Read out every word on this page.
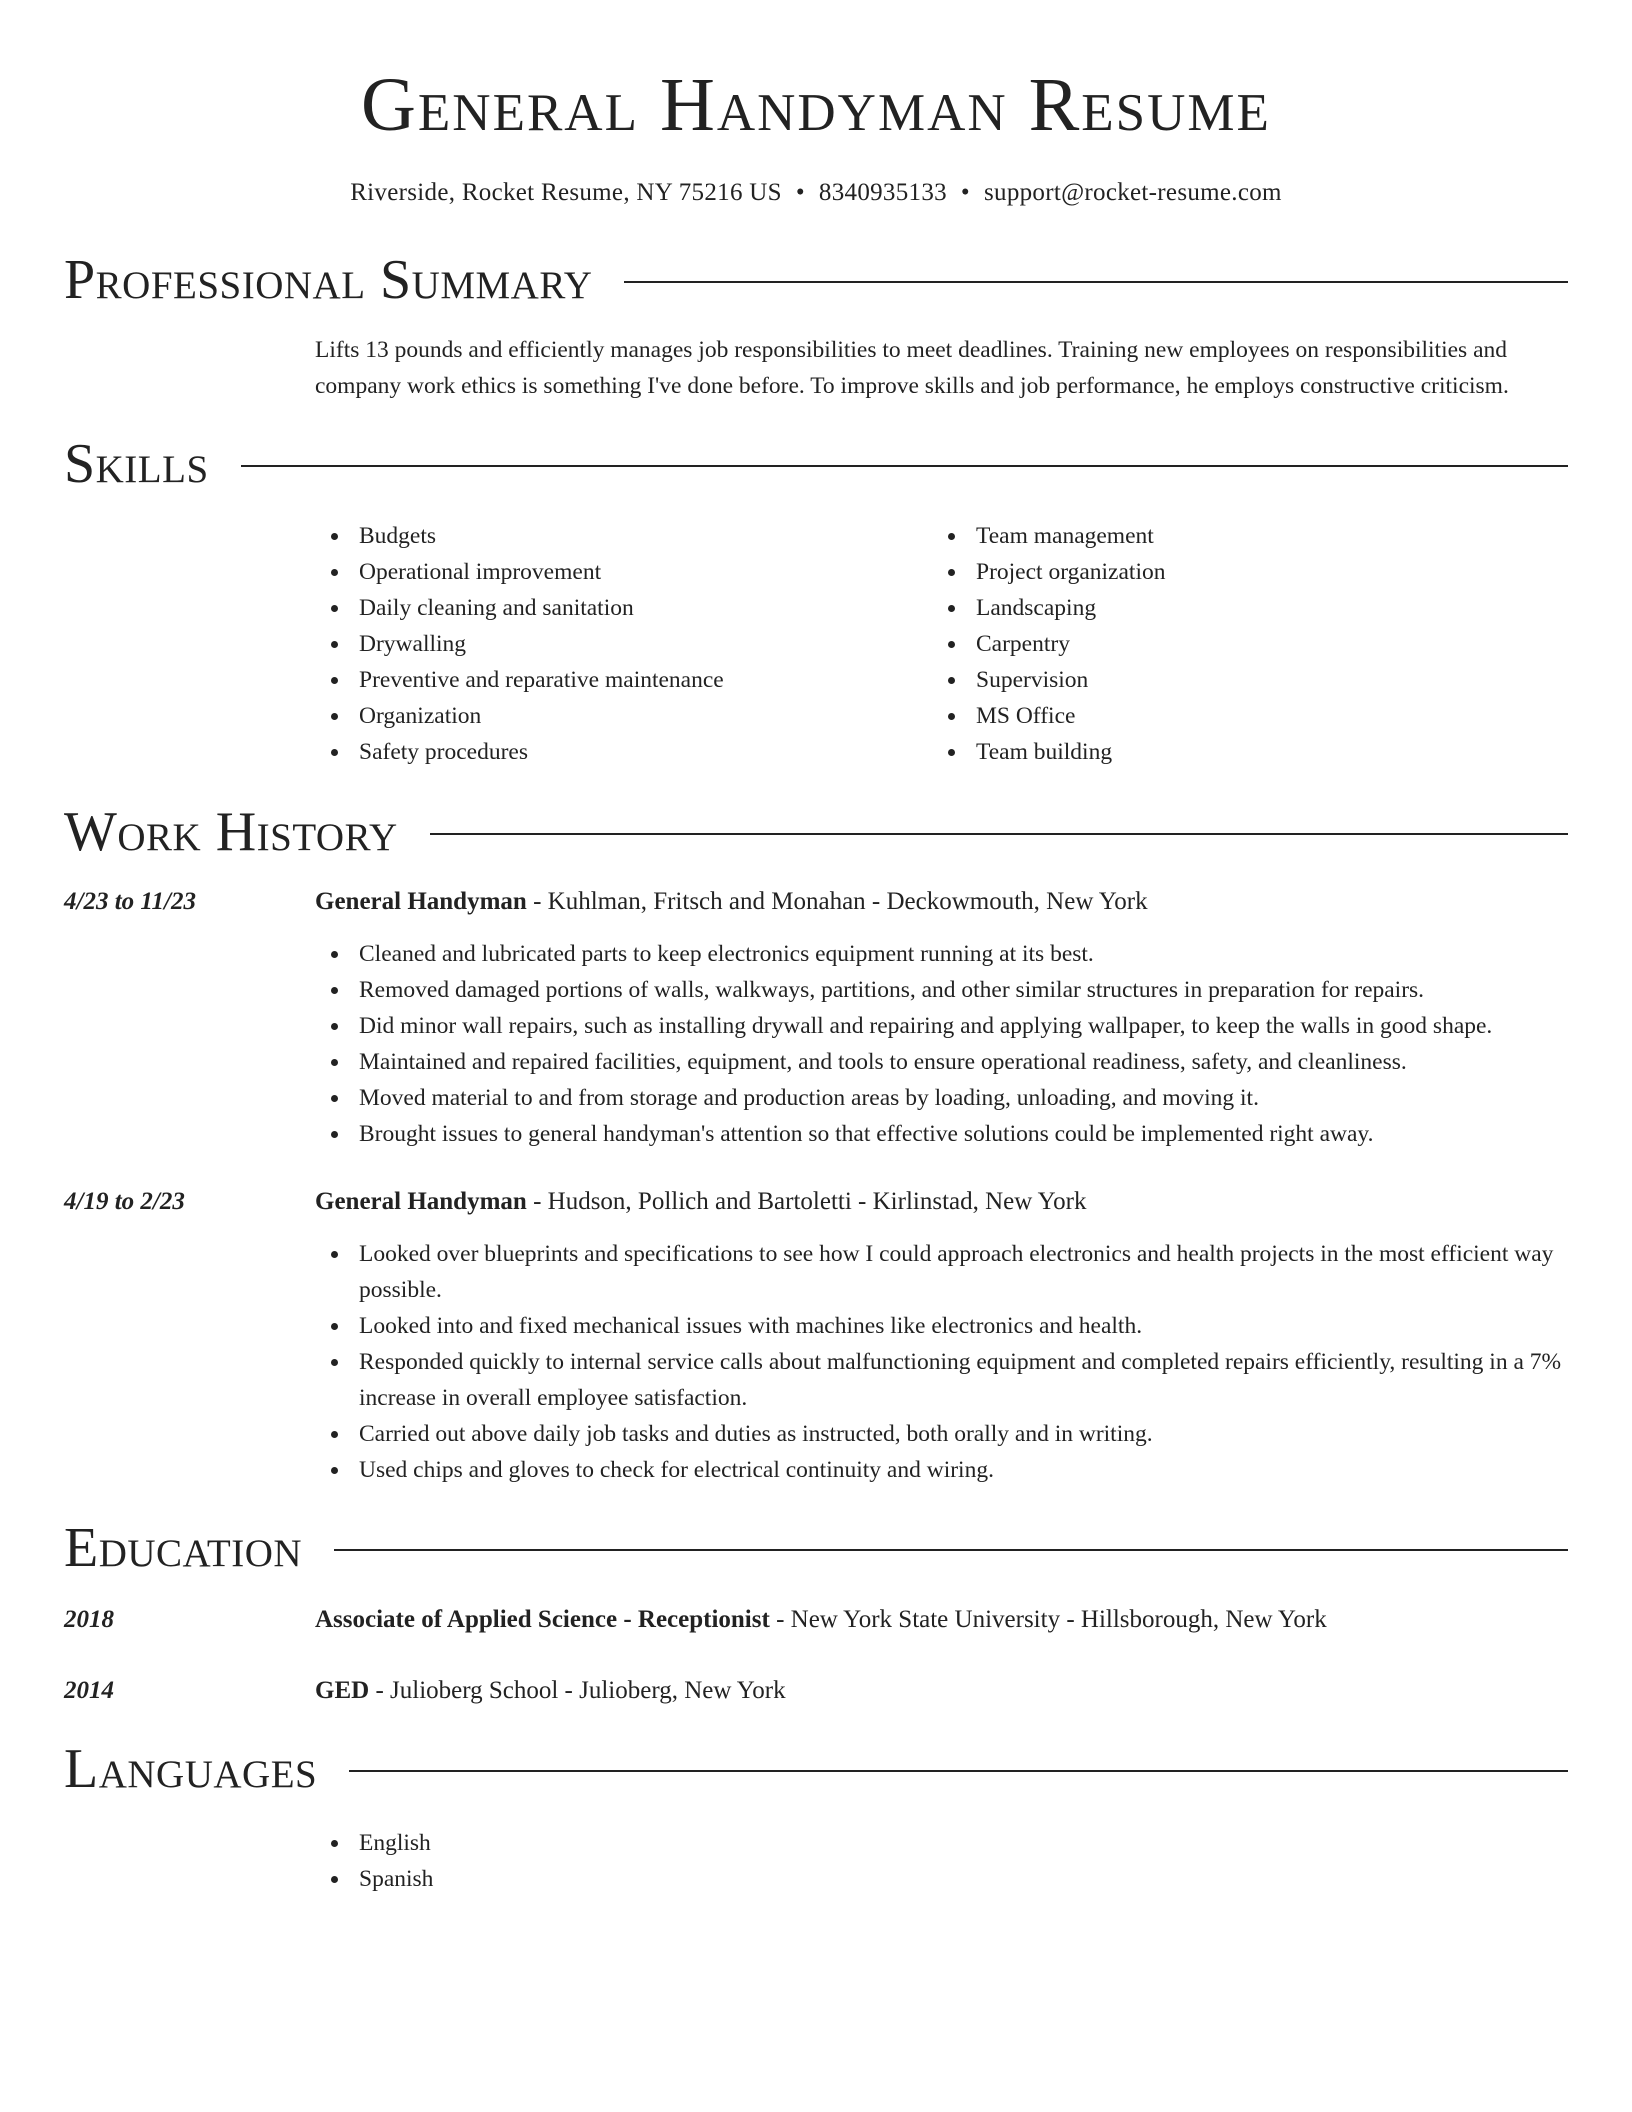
General Handyman Resume
Riverside, Rocket Resume, NY 75216 US • 8340935133 • support@rocket-resume.com
Professional Summary

Lifts 13 pounds and efficiently manages job responsibilities to meet deadlines. Training new employees on responsibilities and company work ethics is something I've done before. To improve skills and job performance, he employs constructive criticism.

Skills
Budgets
Operational improvement
Daily cleaning and sanitation
Drywalling
Preventive and reparative maintenance
Organization
Safety procedures
Team management
Project organization
Landscaping
Carpentry
Supervision
MS Office
Team building
Work History
4/23 to 11/23	General Handyman - Kuhlman, Fritsch and Monahan - Deckowmouth, New York
Cleaned and lubricated parts to keep electronics equipment running at its best.
Removed damaged portions of walls, walkways, partitions, and other similar structures in preparation for repairs.
Did minor wall repairs, such as installing drywall and repairing and applying wallpaper, to keep the walls in good shape.
Maintained and repaired facilities, equipment, and tools to ensure operational readiness, safety, and cleanliness.
Moved material to and from storage and production areas by loading, unloading, and moving it.
Brought issues to general handyman's attention so that effective solutions could be implemented right away.
4/19 to 2/23	General Handyman - Hudson, Pollich and Bartoletti - Kirlinstad, New York
Looked over blueprints and specifications to see how I could approach electronics and health projects in the most efficient way possible.
Looked into and fixed mechanical issues with machines like electronics and health.
Responded quickly to internal service calls about malfunctioning equipment and completed repairs efficiently, resulting in a 7% increase in overall employee satisfaction.
Carried out above daily job tasks and duties as instructed, both orally and in writing.
Used chips and gloves to check for electrical continuity and wiring.
Education
2018	Associate of Applied Science - Receptionist - New York State University - Hillsborough, New York
2014	GED - Julioberg School - Julioberg, New York
Languages
English
Spanish
